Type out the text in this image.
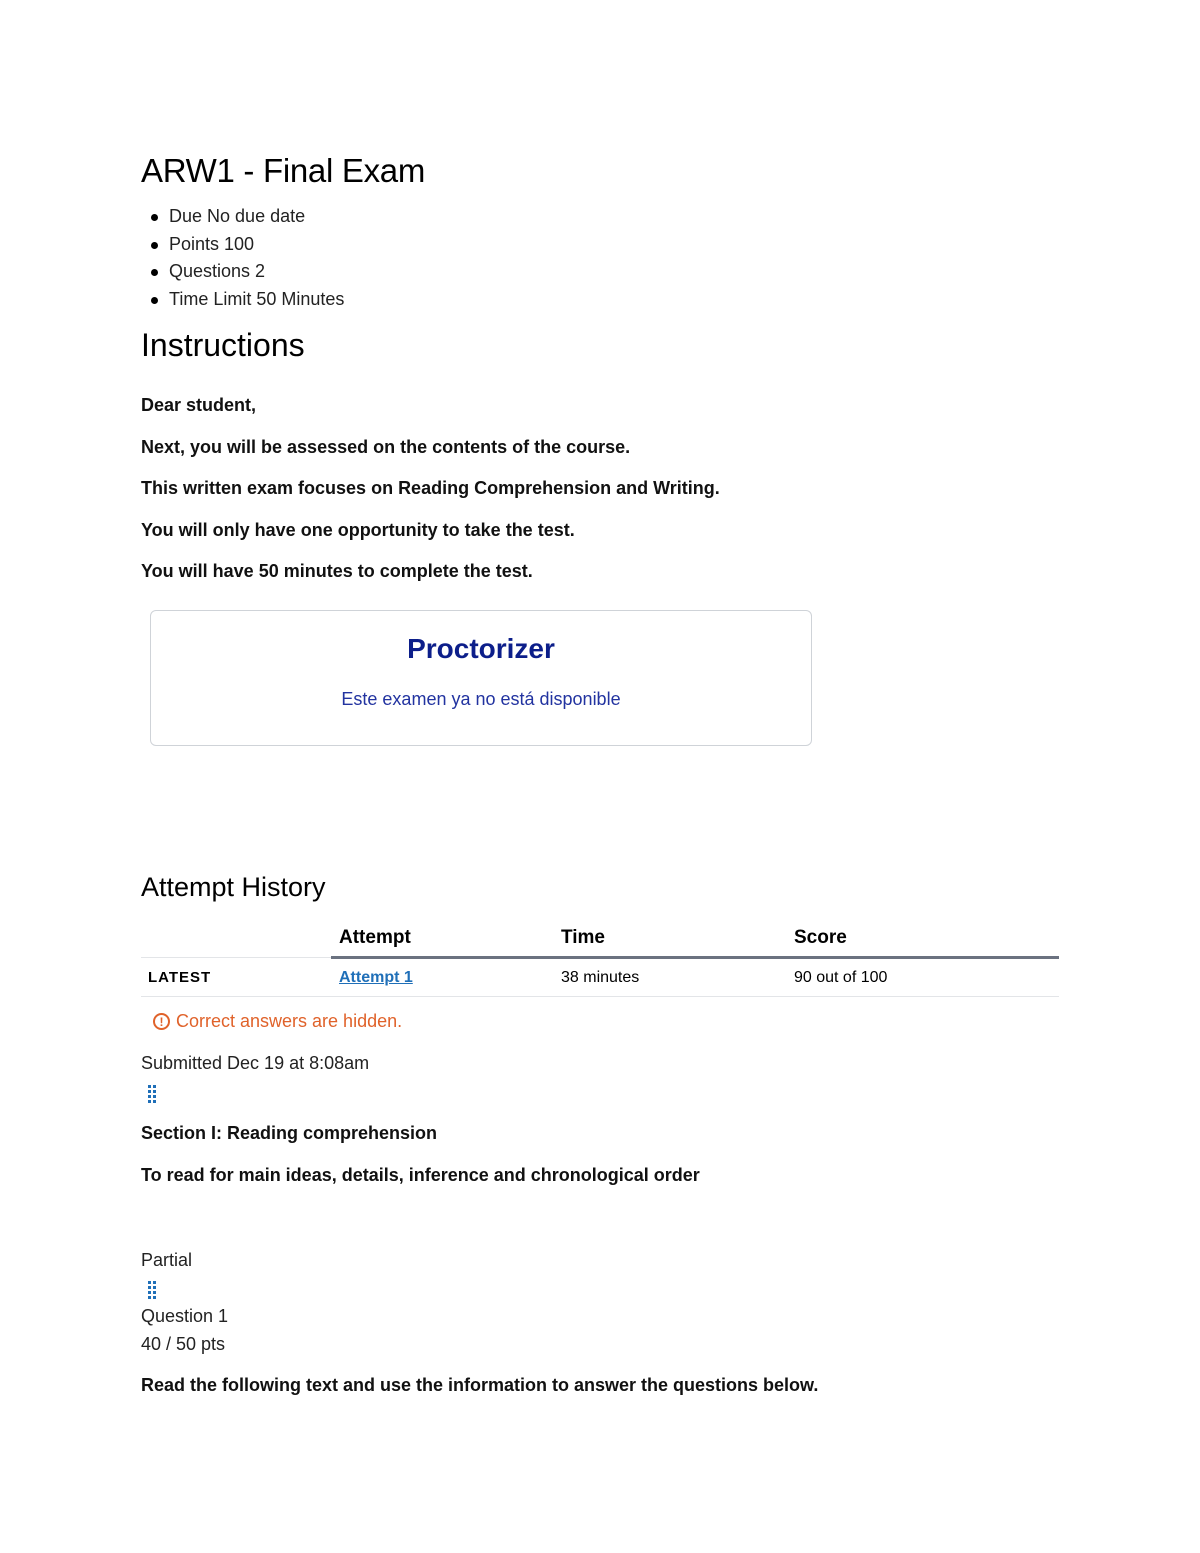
ARW1 - Final Exam
Due No due date
Points 100
Questions 2
Time Limit 50 Minutes
Instructions

Dear student,

Next, you will be assessed on the contents of the course.

This written exam focuses on Reading Comprehension and Writing.

You will only have one opportunity to take the test.

You will have 50 minutes to complete the test.

Proctorizer
Este examen ya no está disponible
Attempt History
	Attempt	Time	Score
LATEST	Attempt 1	38 minutes	90 out of 100
! Correct answers are hidden.

Submitted Dec 19 at 8:08am

Section I: Reading comprehension

To read for main ideas, details, inference and chronological order

Partial

Question 1

40 / 50 pts

Read the following text and use the information to answer the questions below.
